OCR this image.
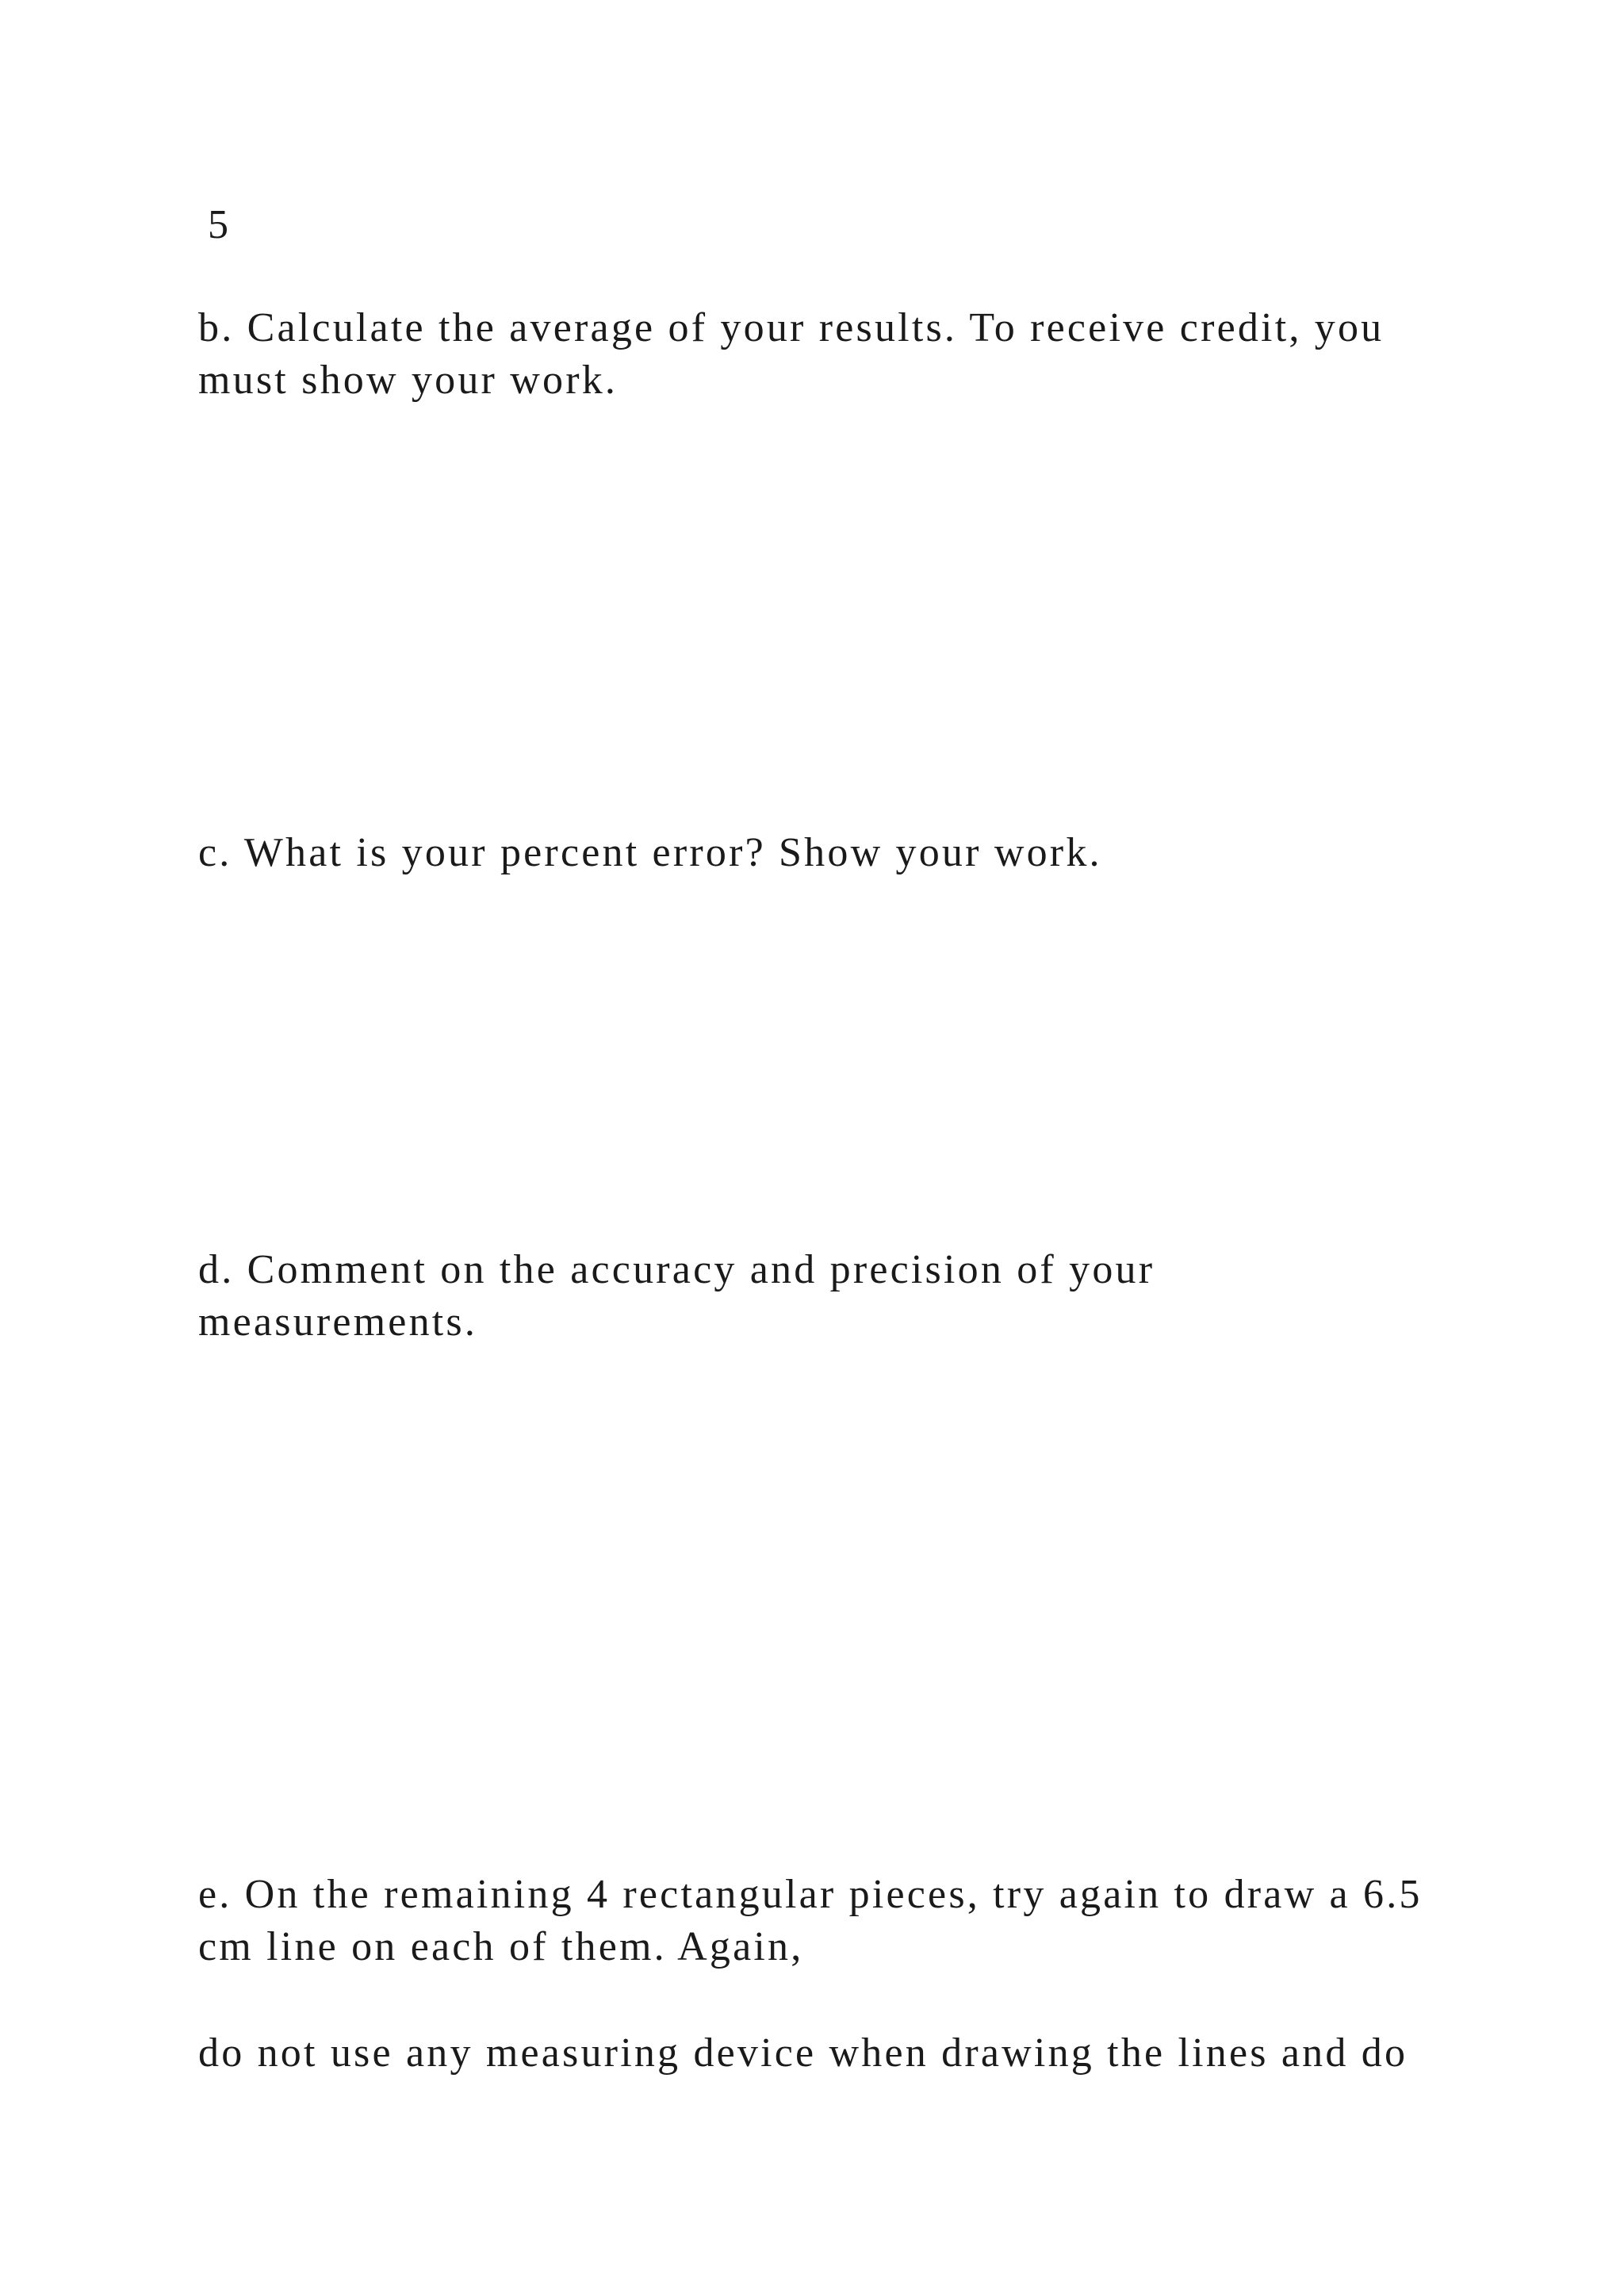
5
b. Calculate the average of your results. To receive credit, you
must show your work.
c. What is your percent error? Show your work.
d. Comment on the accuracy and precision of your
measurements.
e. On the remaining 4 rectangular pieces, try again to draw a 6.5
cm line on each of them. Again,
do not use any measuring device when drawing the lines and do
